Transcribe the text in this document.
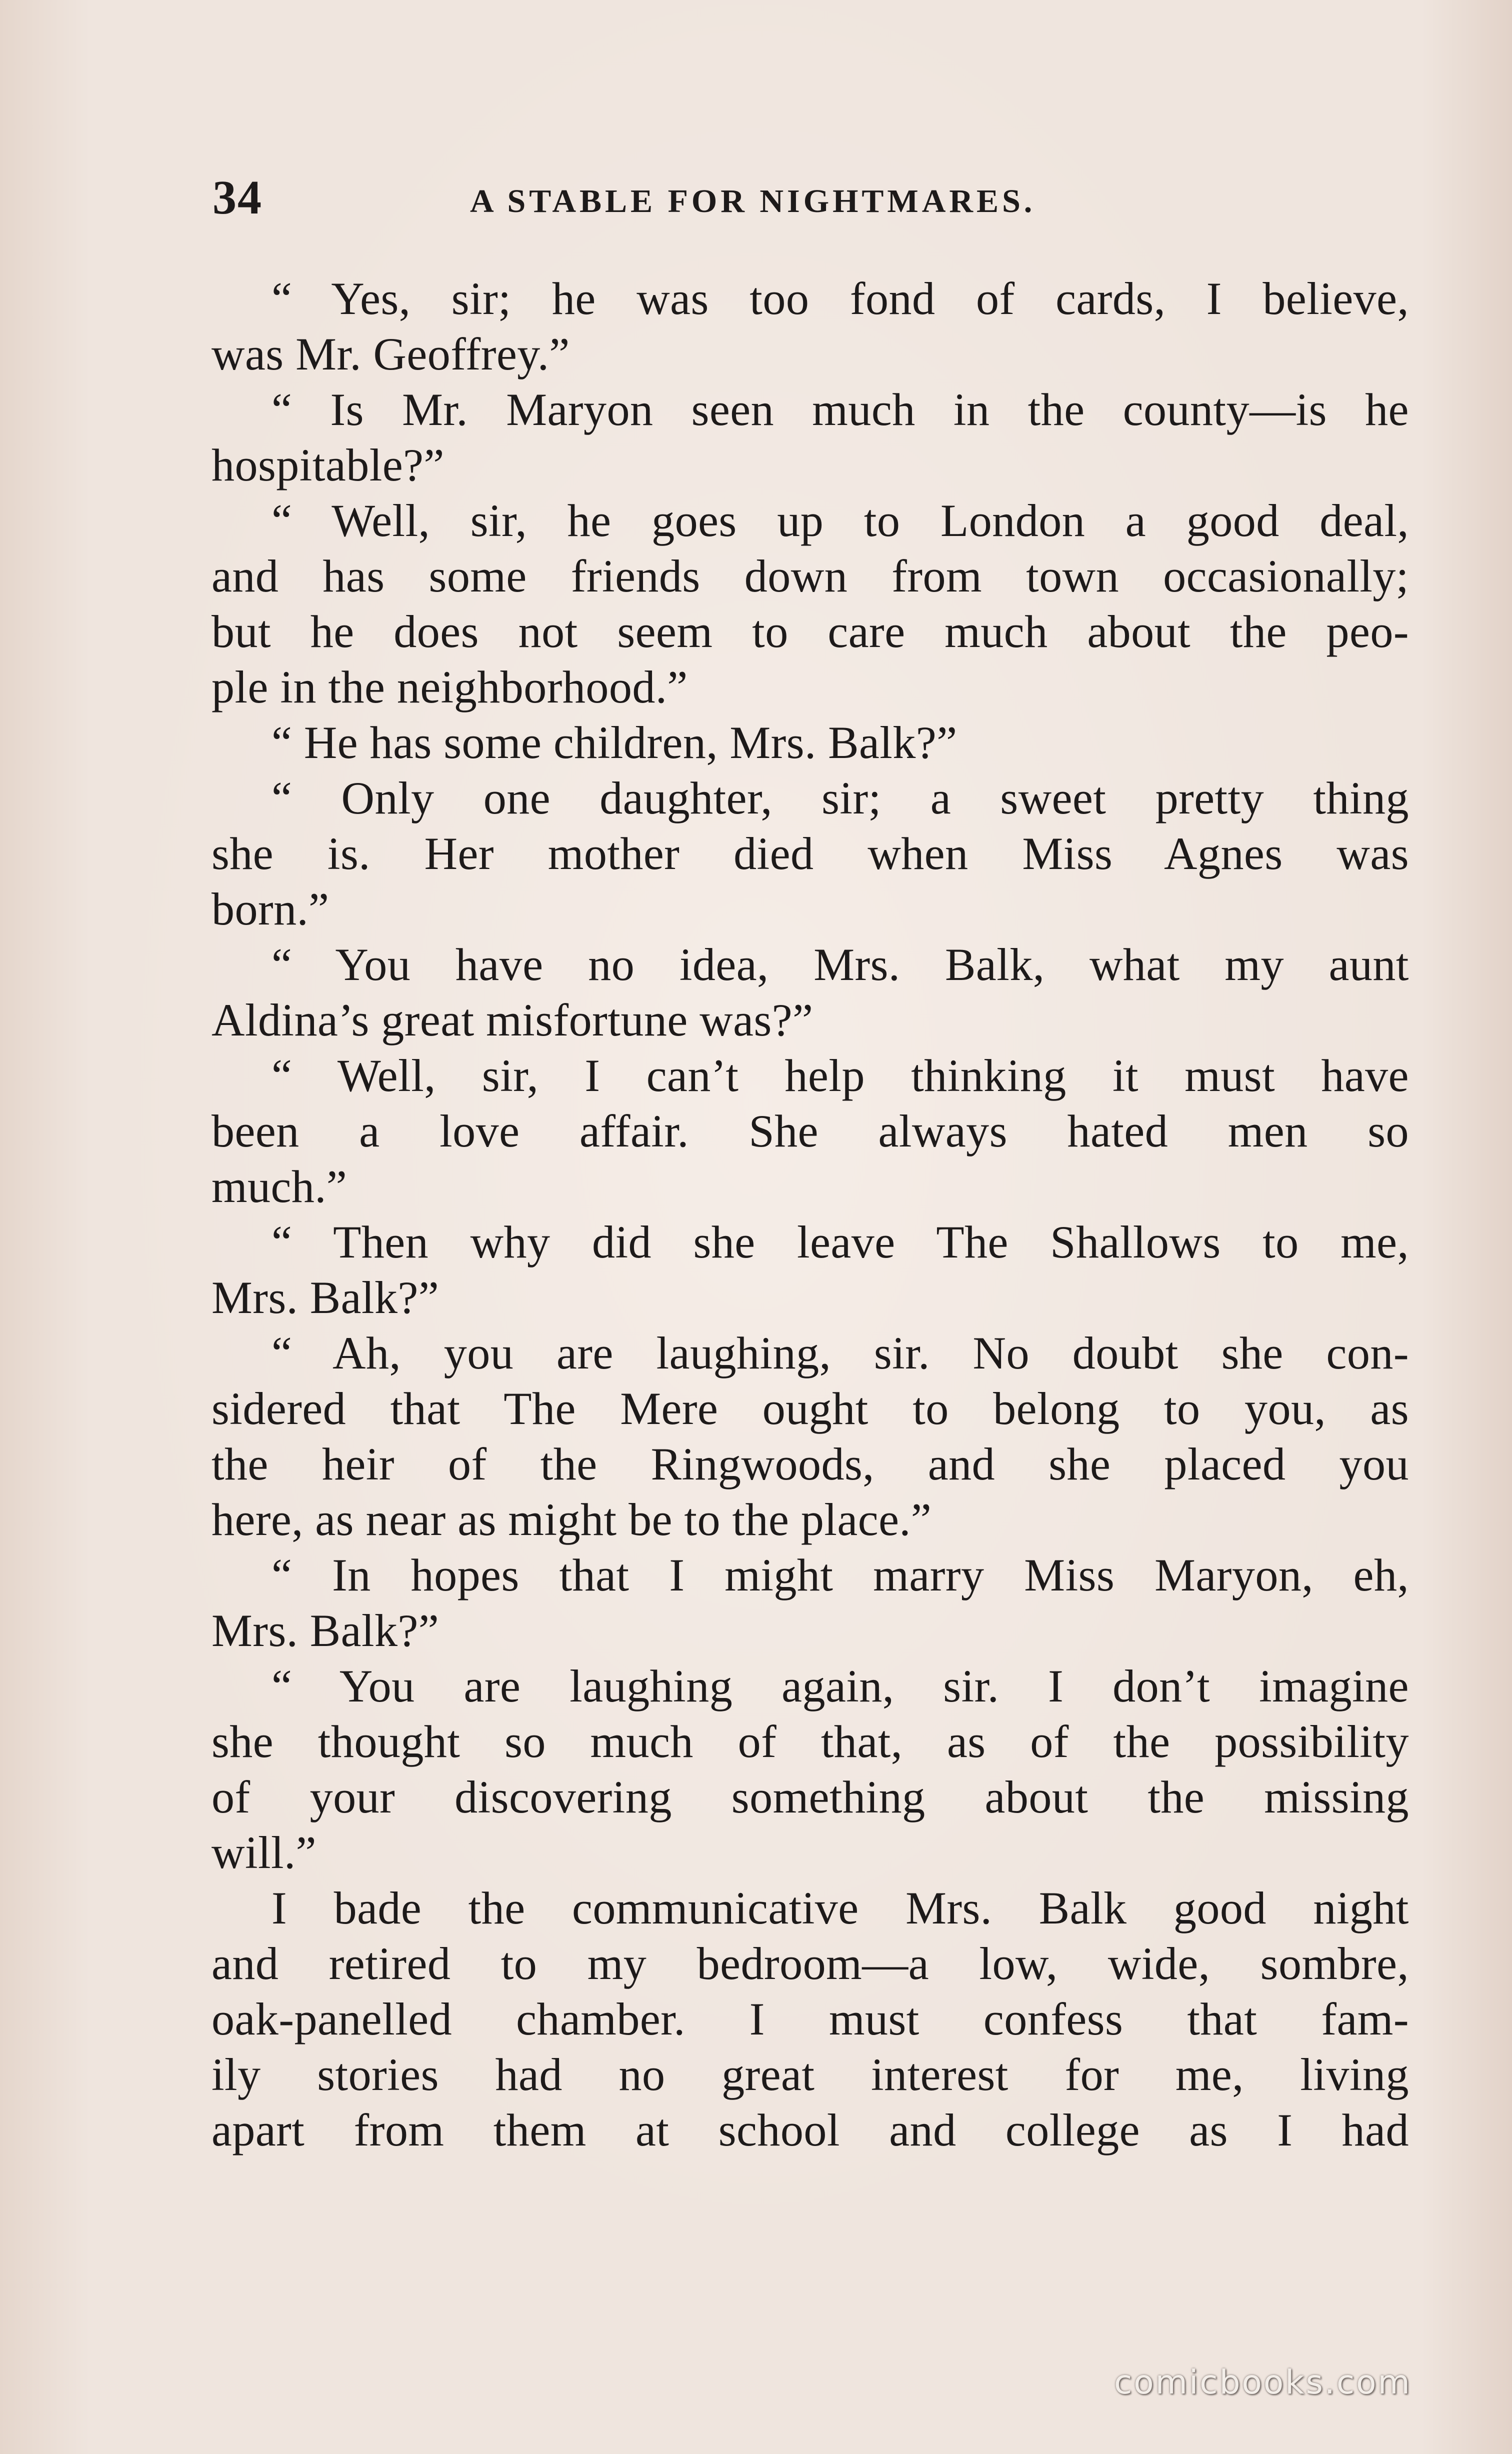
34	A STABLE FOR NIGHTMARES.
“ Yes, sir; he was too fond of cards, I believe,
was Mr. Geoffrey.”
“ Is Mr. Maryon seen much in the county—is he
hospitable?”
“ Well, sir, he goes up to London a good deal,
and has some friends down from town occasionally;
but he does not seem to care much about the peo-
ple in the neighborhood.”
“ He has some children, Mrs. Balk?”
“ Only one daughter, sir; a sweet pretty thing
she is. Her mother died when Miss Agnes was
born.”
“ You have no idea, Mrs. Balk, what my aunt
Aldina’s great misfortune was?”
“ Well, sir, I can’t help thinking it must have
been a love affair. She always hated men so
much.”
“ Then why did she leave The Shallows to me,
Mrs. Balk?”
“ Ah, you are laughing, sir. No doubt she con-
sidered that The Mere ought to belong to you, as
the heir of the Ringwoods, and she placed you
here, as near as might be to the place.”
“ In hopes that I might marry Miss Maryon, eh,
Mrs. Balk?”
“ You are laughing again, sir. I don’t imagine
she thought so much of that, as of the possibility
of your discovering something about the missing
will.”
I bade the communicative Mrs. Balk good night
and retired to my bedroom—a low, wide, sombre,
oak-panelled chamber. I must confess that fam-
ily stories had no great interest for me, living
apart from them at school and college as I had
comicbooks.com
